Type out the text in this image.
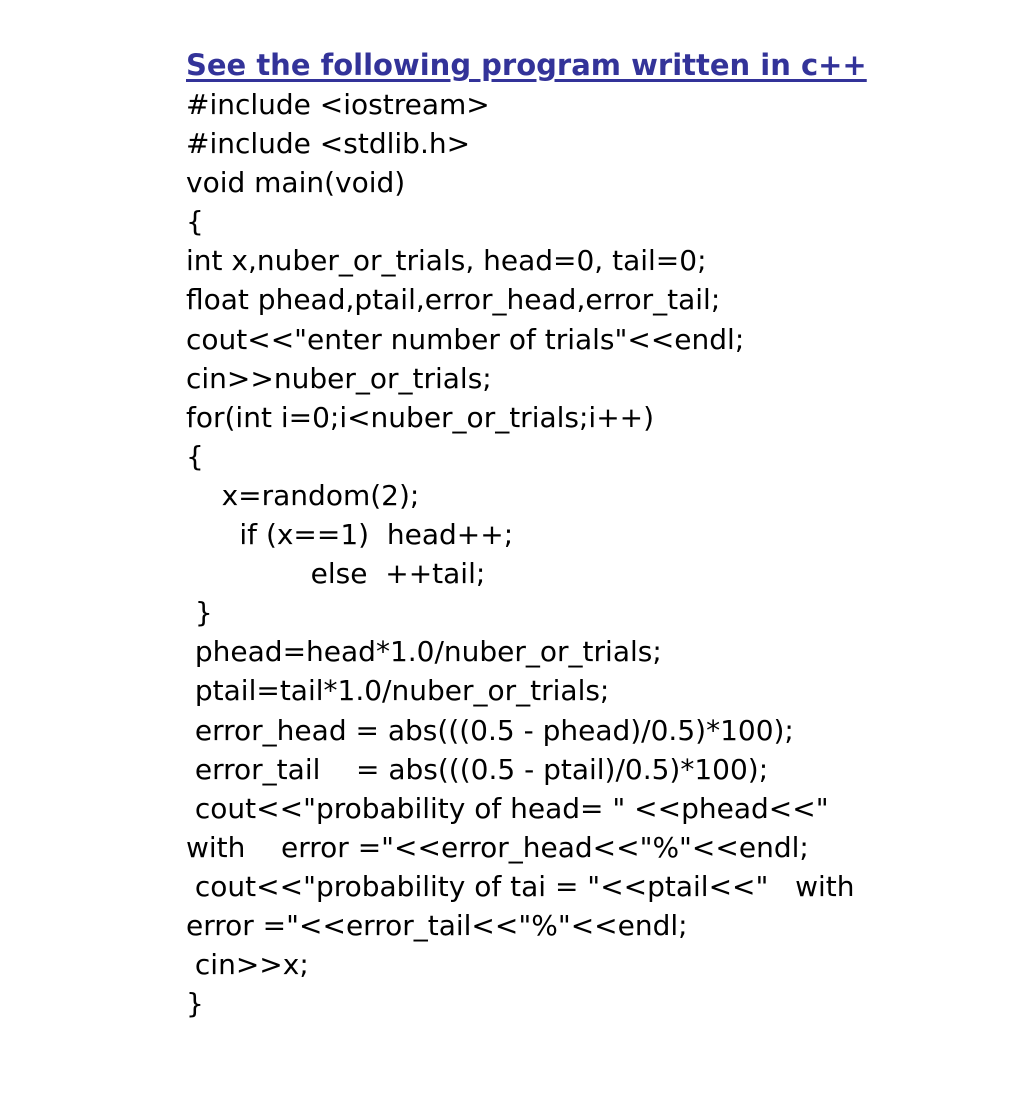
See the following program written in c++
#include <iostream>
#include <stdlib.h>
void main(void)
{
int x,nuber_or_trials, head=0, tail=0;
float phead,ptail,error_head,error_tail;
cout<<"enter number of trials"<<endl;
cin>>nuber_or_trials;
for(int i=0;i<nuber_or_trials;i++)
{
x=random(2);
if (x==1)  head++;
else  ++tail;
}
phead=head*1.0/nuber_or_trials;
ptail=tail*1.0/nuber_or_trials;
error_head = abs(((0.5 - phead)/0.5)*100);
error_tail    = abs(((0.5 - ptail)/0.5)*100);
cout<<"probability of head= " <<phead<<"
with    error ="<<error_head<<"%"<<endl;
cout<<"probability of tai = "<<ptail<<"   with
error ="<<error_tail<<"%"<<endl;
cin>>x;
}
